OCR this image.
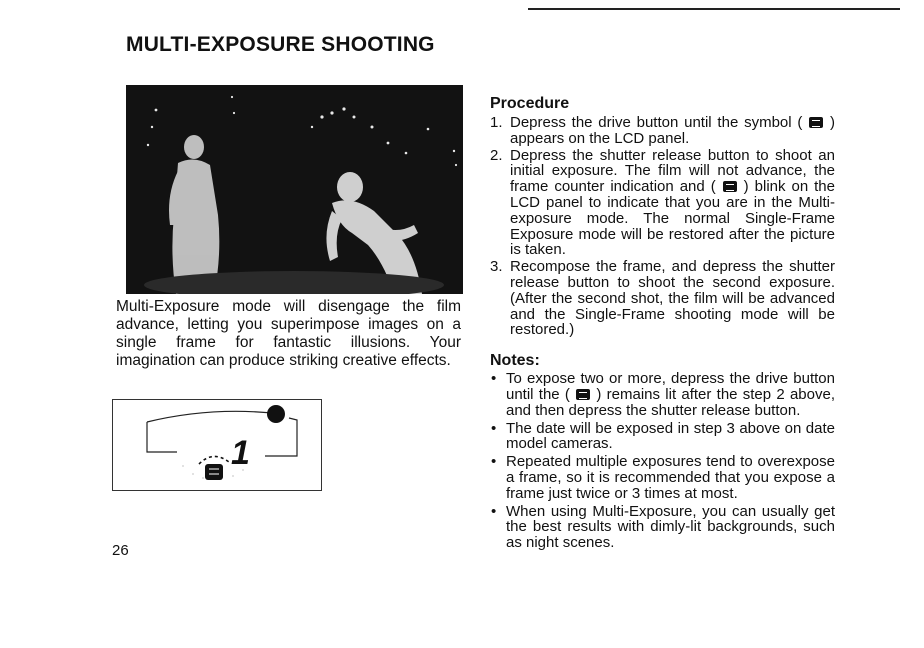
MULTI-EXPOSURE SHOOTING

Multi-Exposure mode will disengage the film advance, letting you superimpose images on a single frame for fantastic illusions. Your imagination can produce striking creative effects.

1
26
Procedure
1. Depress the drive button until the symbol ( ) appears on the LCD panel.
2. Depress the shutter release button to shoot an initial exposure. The film will not advance, the frame counter indication and ( ) blink on the LCD panel to indicate that you are in the Multi-exposure mode. The normal Single-Frame Exposure mode will be restored after the picture is taken.
3. Recompose the frame, and depress the shutter release button to shoot the second exposure. (After the second shot, the film will be advanced and the Single-Frame shooting mode will be restored.)
Notes:
• To expose two or more, depress the drive button until the ( ) remains lit after the step 2 above, and then depress the shutter release button.
• The date will be exposed in step 3 above on date model cameras.
• Repeated multiple exposures tend to overexpose a frame, so it is recommended that you expose a frame just twice or 3 times at most.
• When using Multi-Exposure, you can usually get the best results with dimly-lit backgrounds, such as night scenes.
